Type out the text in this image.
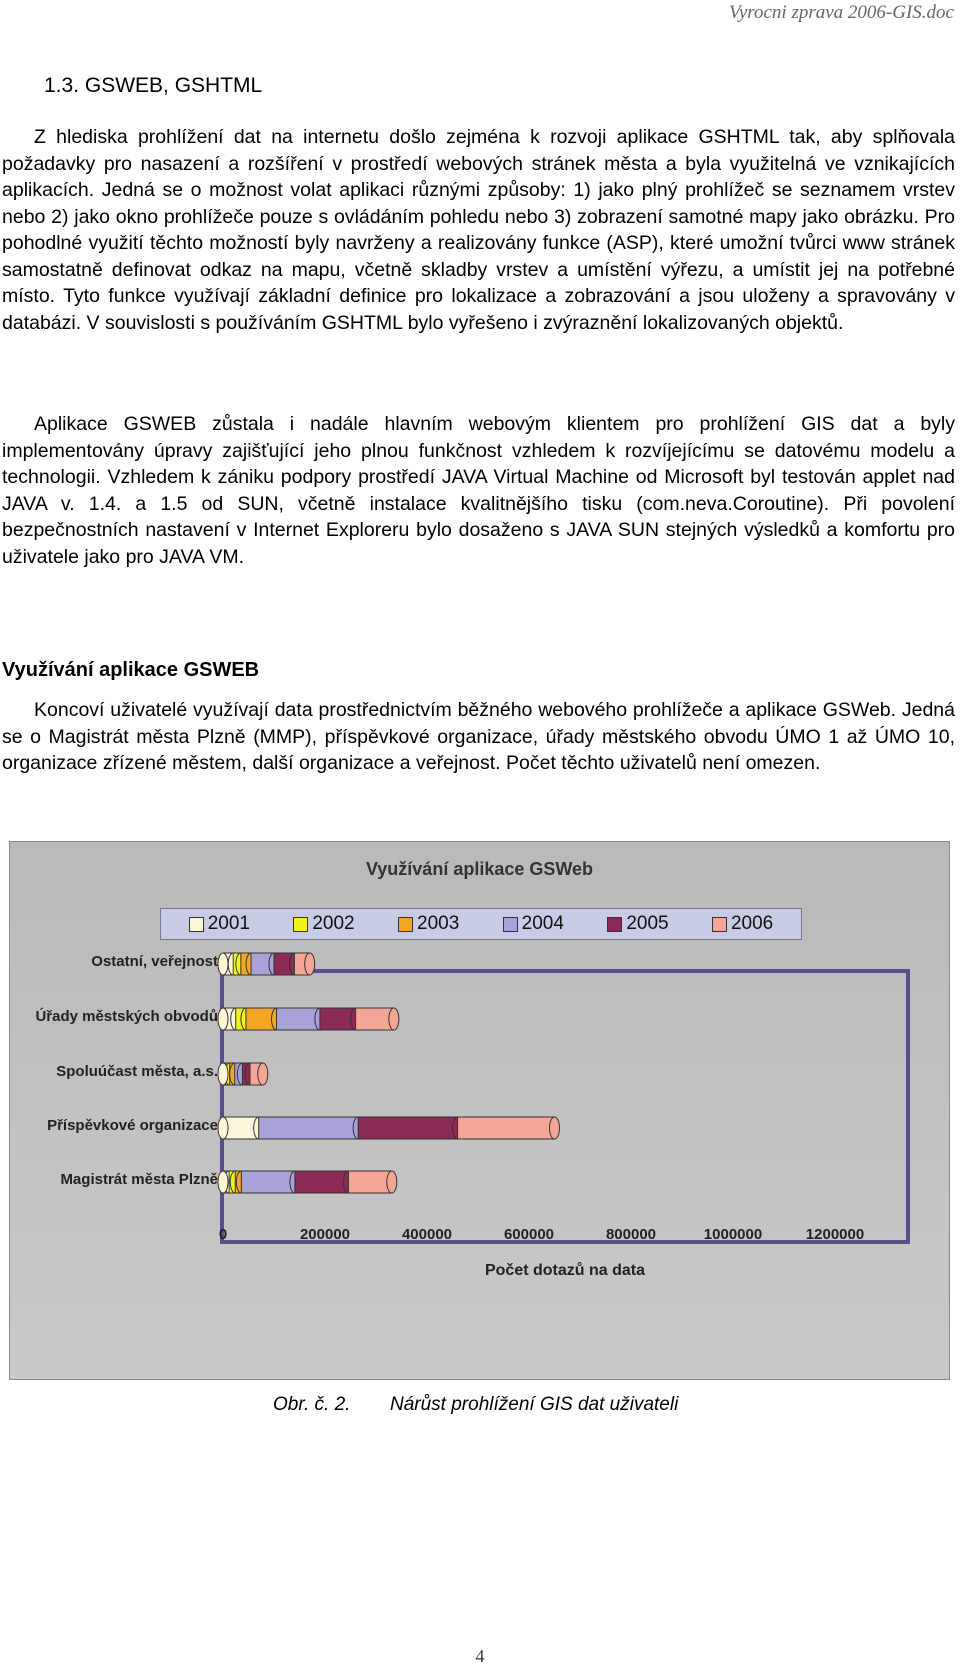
Vyrocni zprava 2006-GIS.doc
1.3. GSWEB, GSHTML

Z hlediska prohlížení dat na internetu došlo zejména k rozvoji aplikace GSHTML tak, aby splňovala požadavky pro nasazení a rozšíření v prostředí webových stránek města a byla využitelná ve vznikajících aplikacích. Jedná se o možnost volat aplikaci různými způsoby: 1) jako plný prohlížeč se seznamem vrstev nebo 2) jako okno prohlížeče pouze s ovládáním pohledu nebo 3) zobrazení samotné mapy jako obrázku. Pro pohodlné využití těchto možností byly navrženy a realizovány funkce (ASP), které umožní tvůrci www stránek samostatně definovat odkaz na mapu, včetně skladby vrstev a umístění výřezu, a umístit jej na potřebné místo. Tyto funkce využívají základní definice pro lokalizace a zobrazování a jsou uloženy a spravovány v databázi. V souvislosti s používáním GSHTML bylo vyřešeno i zvýraznění lokalizovaných objektů.

Aplikace GSWEB zůstala i nadále hlavním webovým klientem pro prohlížení GIS dat a byly implementovány úpravy zajišťující jeho plnou funkčnost vzhledem k rozvíjejícímu se datovému modelu a technologii. Vzhledem k zániku podpory prostředí JAVA Virtual Machine od Microsoft byl testován applet nad JAVA v. 1.4. a 1.5 od SUN, včetně instalace kvalitnějšího tisku (com.neva.Coroutine). Při povolení bezpečnostních nastavení v Internet Exploreru bylo dosaženo s JAVA SUN stejných výsledků a komfortu pro uživatele jako pro JAVA VM.

Využívání aplikace GSWEB

Koncoví uživatelé využívají data prostřednictvím běžného webového prohlížeče a aplikace GSWeb. Jedná se o Magistrát města Plzně (MMP), příspěvkové organizace, úřady městského obvodu ÚMO 1 až ÚMO 10, organizace zřízené městem, další organizace a veřejnost. Počet těchto uživatelů není omezen.

Využívání aplikace GSWeb
2001	2002	2003	2004	2005	2006
Ostatní, veřejnost
Úřady městských obvodů
Spoluúčast města, a.s.
Příspěvkové organizace
Magistrát města Plzně
0	200000	400000	600000	800000	1000000	1200000
Počet dotazů na data
Obr. č. 2. Nárůst prohlížení GIS dat uživateli
4
